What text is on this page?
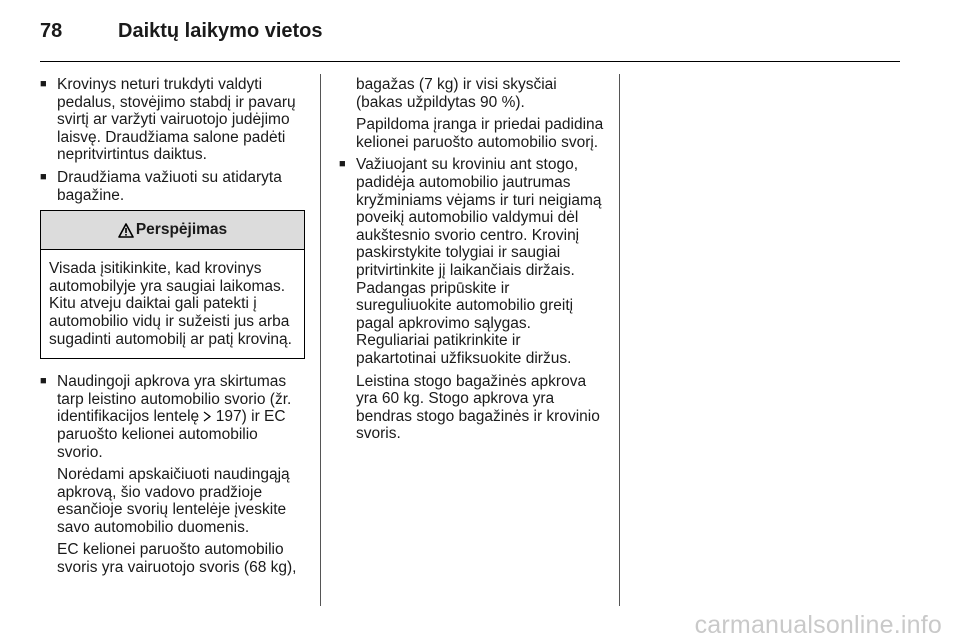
78	Daiktų laikymo vietos
■ Krovinys neturi trukdyti valdyti pedalus, stovėjimo stabdį ir pavarų svirtį ar varžyti vairuotojo judėjimo laisvę. Draudžiama salone padėti nepritvirtintus daiktus.
■ Draudžiama važiuoti su atidaryta bagažine.
Perspėjimas
Visada įsitikinkite, kad krovinys automobilyje yra saugiai laikomas. Kitu atveju daiktai gali patekti į automobilio vidų ir sužeisti jus arba sugadinti automobilį ar patį kroviną.
■ Naudingoji apkrova yra skirtumas tarp leistino automobilio svorio (žr. identifikacijos lentelę 197) ir EC paruošto kelionei automobilio svorio.

Norėdami apskaičiuoti naudingąją apkrovą, šio vadovo pradžioje esančioje svorių lentelėje įveskite savo automobilio duomenis.

EC kelionei paruošto automobilio svoris yra vairuotojo svoris (68 kg),

bagažas (7 kg) ir visi skysčiai (bakas užpildytas 90 %).

Papildoma įranga ir priedai padidina kelionei paruošto automobilio svorį.

■ Važiuojant su kroviniu ant stogo, padidėja automobilio jautrumas kryžminiams vėjams ir turi neigiamą poveikį automobilio valdymui dėl aukštesnio svorio centro. Krovinį paskirstykite tolygiai ir saugiai pritvirtinkite jį laikančiais diržais. Padangas pripūskite ir sureguliuokite automobilio greitį pagal apkrovimo sąlygas. Reguliariai patikrinkite ir pakartotinai užfiksuokite diržus.

Leistina stogo bagažinės apkrova yra 60 kg. Stogo apkrova yra bendras stogo bagažinės ir krovinio svoris.

carmanualsonline.info
